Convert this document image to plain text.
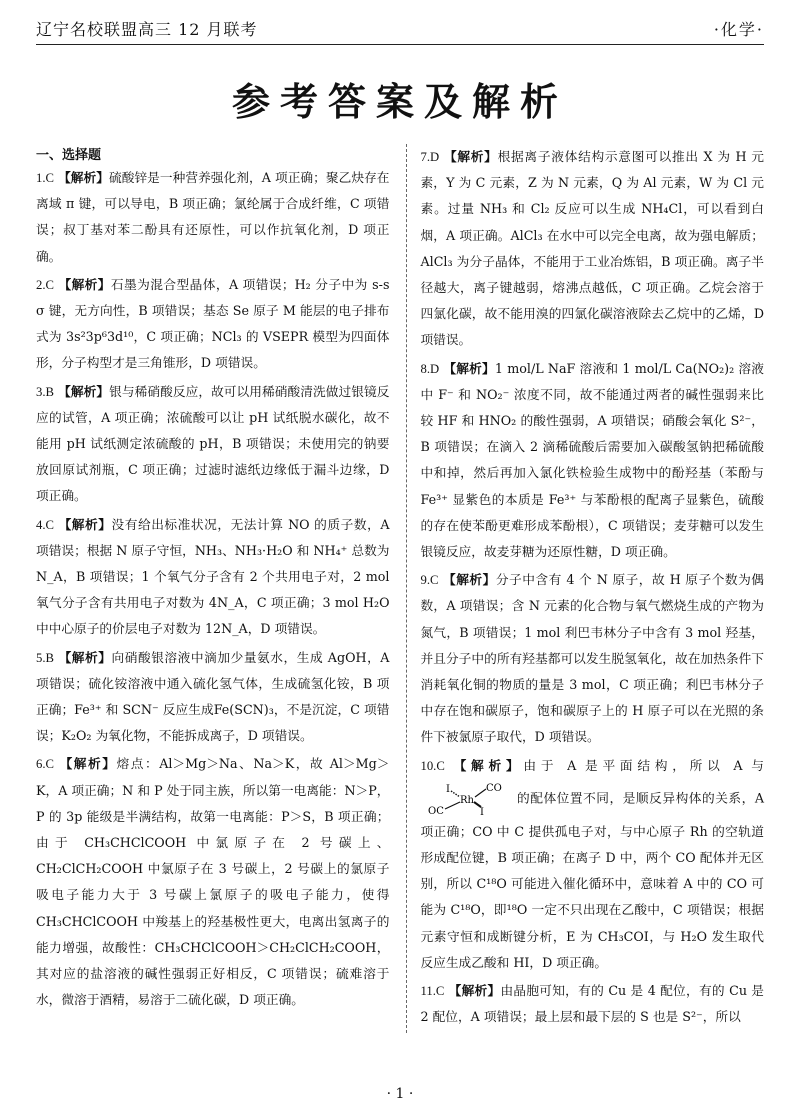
辽宁名校联盟高三 12 月联考	·化学·
参考答案及解析
一、选择题
1.C 【解析】硫酸锌是一种营养强化剂，A 项正确；聚乙炔存在离域 π 键，可以导电，B 项正确；氯纶属于合成纤维，C 项错误；叔丁基对苯二酚具有还原性，可以作抗氧化剂，D 项正确。
2.C 【解析】石墨为混合型晶体，A 项错误；H₂ 分子中为 s-s σ 键，无方向性，B 项错误；基态 Se 原子 M 能层的电子排布式为 3s²3p⁶3d¹⁰，C 项正确；NCl₃ 的 VSEPR 模型为四面体形，分子构型才是三角锥形，D 项错误。
3.B 【解析】银与稀硝酸反应，故可以用稀硝酸清洗做过银镜反应的试管，A 项正确；浓硫酸可以让 pH 试纸脱水碳化，故不能用 pH 试纸测定浓硫酸的 pH，B 项错误；未使用完的钠要放回原试剂瓶，C 项正确；过滤时滤纸边缘低于漏斗边缘，D 项正确。
4.C 【解析】没有给出标准状况，无法计算 NO 的质子数，A 项错误；根据 N 原子守恒，NH₃、NH₃·H₂O 和 NH₄⁺ 总数为 N_A，B 项错误；1 个氧气分子含有 2 个共用电子对，2 mol 氧气分子含有共用电子对数为 4N_A，C 项正确；3 mol H₂O 中中心原子的价层电子对数为 12N_A，D 项错误。
5.B 【解析】向硝酸银溶液中滴加少量氨水，生成 AgOH，A 项错误；硫化铵溶液中通入硫化氢气体，生成硫氢化铵，B 项正确；Fe³⁺ 和 SCN⁻ 反应生成Fe(SCN)₃，不是沉淀，C 项错误；K₂O₂ 为氧化物，不能拆成离子，D 项错误。
6.C 【解析】熔点：Al＞Mg＞Na、Na＞K，故 Al＞Mg＞K，A 项正确；N 和 P 处于同主族，所以第一电离能：N＞P，P 的 3p 能级是半满结构，故第一电离能：P＞S，B 项正确；由于 CH₃CHClCOOH 中氯原子在 2 号碳上、CH₂ClCH₂COOH 中氯原子在 3 号碳上，2 号碳上的氯原子吸电子能力大于 3 号碳上氯原子的吸电子能力，使得 CH₃CHClCOOH 中羧基上的羟基极性更大，电离出氢离子的能力增强，故酸性：CH₃CHClCOOH＞CH₂ClCH₂COOH，其对应的盐溶液的碱性强弱正好相反，C 项错误；硫难溶于水，微溶于酒精，易溶于二硫化碳，D 项正确。
7.D 【解析】根据离子液体结构示意图可以推出 X 为 H 元素，Y 为 C 元素，Z 为 N 元素，Q 为 Al 元素，W 为 Cl 元素。过量 NH₃ 和 Cl₂ 反应可以生成 NH₄Cl，可以看到白烟，A 项正确。AlCl₃ 在水中可以完全电离，故为强电解质；AlCl₃ 为分子晶体，不能用于工业冶炼铝，B 项正确。离子半径越大，离子键越弱，熔沸点越低，C 项正确。乙烷会溶于四氯化碳，故不能用溴的四氯化碳溶液除去乙烷中的乙烯，D 项错误。
8.D 【解析】1 mol/L NaF 溶液和 1 mol/L Ca(NO₂)₂ 溶液中 F⁻ 和 NO₂⁻ 浓度不同，故不能通过两者的碱性强弱来比较 HF 和 HNO₂ 的酸性强弱，A 项错误；硝酸会氧化 S²⁻，B 项错误；在滴入 2 滴稀硫酸后需要加入碳酸氢钠把稀硫酸中和掉，然后再加入氯化铁检验生成物中的酚羟基（苯酚与 Fe³⁺ 显紫色的本质是 Fe³⁺ 与苯酚根的配离子显紫色，硫酸的存在使苯酚更难形成苯酚根），C 项错误；麦芽糖可以发生银镜反应，故麦芽糖为还原性糖，D 项正确。
9.C 【解析】分子中含有 4 个 N 原子，故 H 原子个数为偶数，A 项错误；含 N 元素的化合物与氧气燃烧生成的产物为氮气，B 项错误；1 mol 利巴韦林分子中含有 3 mol 羟基，并且分子中的所有羟基都可以发生脱氢氧化，故在加热条件下消耗氧化铜的物质的量是 3 mol，C 项正确；利巴韦林分子中存在饱和碳原子，饱和碳原子上的 H 原子可以在光照的条件下被氯原子取代，D 项错误。
10.C 【解析】由于 A 是平面结构，所以 A 与
I
Rh
CO
OC	I
的配体位置不同，是顺反异构体的关系，A 项正确；CO 中 C 提供孤电子对，与中心原子 Rh 的空轨道形成配位键，B 项正确；在离子 D 中，两个 CO 配体并无区别，所以 C¹⁸O 可能进入催化循环中，意味着 A 中的 CO 可能为 C¹⁸O，即¹⁸O 一定不只出现在乙酸中，C 项错误；根据元素守恒和成断键分析，E 为 CH₃COI，与 H₂O 发生取代反应生成乙酸和 HI，D 项正确。
11.C 【解析】由晶胞可知，有的 Cu 是 4 配位，有的 Cu 是 2 配位，A 项错误；最上层和最下层的 S 也是 S²⁻，所以
· 1 ·
